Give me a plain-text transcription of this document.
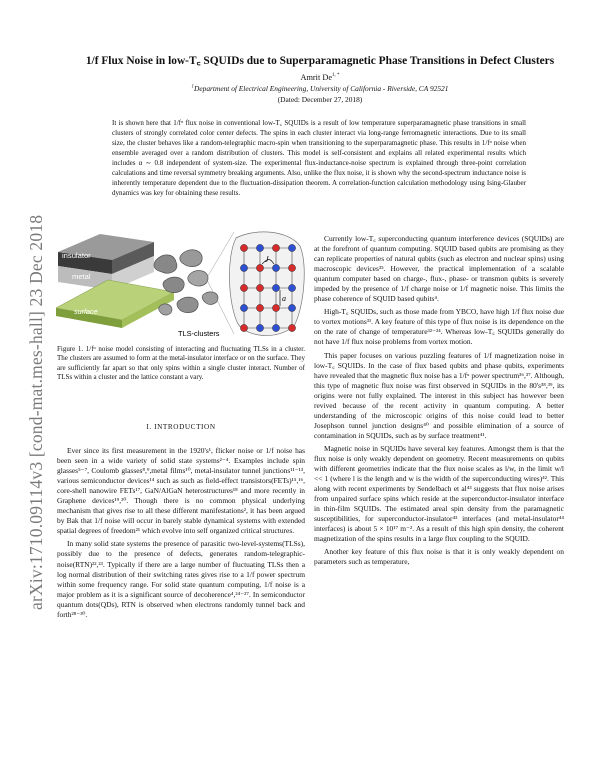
arXiv:1710.09114v3 [cond-mat.mes-hall] 23 Dec 2018
1/f Flux Noise in low-T꜀ SQUIDs due to Superparamagnetic Phase Transitions in Defect Clusters
Amrit $De^{1, *}$
$^1$Department of Electrical Engineering, University of California - Riverside, CA 92521
(Dated: December 27, 2018)
It is shown here that 1/fᵅ flux noise in conventional low-T꜀ SQUIDs is a result of low temperature superparamagnetic phase transitions in small clusters of strongly correlated color center defects. The spins in each cluster interact via long-range ferromagnetic interactions. Due to its small size, the cluster behaves like a random-telegraphic macro-spin when transitioning to the superparamagnetic phase. This results in 1/fᵅ noise when ensemble averaged over a random distribution of clusters. This model is self-consistent and explains all related experimental results which includes α ∼ 0.8 independent of system-size. The experimental flux-inductance-noise spectrum is explained through three-point correlation calculations and time reversal symmetry breaking arguments. Also, unlike the flux noise, it is shown why the second-spectrum inductance noise is inherently temperature dependent due to the fluctuation-dissipation theorem. A correlation-function calculation methodology using Ising-Glauber dynamics was key for obtaining these results.
insulator
metal
surface
TLS-clusters
J
a
Figure 1. 1/fᵅ noise model consisting of interacting and fluctuating TLSs in a cluster. The clusters are assumed to form at the metal-insulator interface or on the surface. They are sufficiently far apart so that only spins within a single cluster interact. Number of TLSs within a cluster and the lattice constant a vary.
I. INTRODUCTION

Ever since its first measurement in the 1920's¹, flicker noise or 1/f noise has been seen in a wide variety of solid state systems²⁻⁴. Examples include spin glasses⁵⁻⁷, Coulomb glasses⁸,⁹,metal films¹⁰, metal-insulator tunnel junctions¹¹⁻¹³, various semiconductor devices¹⁴ such as such as field-effect transistors(FETs)¹⁵,¹⁶, core-shell nanowire FETs¹⁷, GaN/AlGaN heterostructures¹⁸ and more recently in Graphene devices¹⁹,²⁰. Though there is no common physical underlying mechanism that gives rise to all these different manifestations², it has been argued by Bak that 1/f noise will occur in barely stable dynamical systems with extended spatial degrees of freedom²¹ which evolve into self organized critical structures.

In many solid state systems the presence of parasitic two-level-systems(TLSs), possibly due to the presence of defects, generates random-telegraphic-noise(RTN)²²,²³. Typically if there are a large number of fluctuating TLSs then a log normal distribution of their switching rates gives rise to a 1/f power spectrum within some frequency range. For solid state quantum computing, 1/f noise is a major problem as it is a significant source of decoherence⁴,²⁴⁻²⁷. In semiconductor quantum dots(QDs), RTN is observed when electrons randomly tunnel back and forth²⁸⁻³⁰.

Currently low-T꜀ superconducting quantum interference devices (SQUIDs) are at the forefront of quantum computing. SQUID based qubits are promising as they can replicate properties of natural qubits (such as electron and nuclear spins) using macroscopic devices³⁵. However, the practical implementation of a scalable quantum computer based on charge-, flux-, phase- or transmon qubits is severely impeded by the presence of 1/f charge noise or 1/f magnetic noise. This limits the phase coherence of SQUID based qubits⁴.

High-T꜀ SQUIDs, such as those made from YBCO, have high 1/f flux noise due to vortex motions³¹. A key feature of this type of flux noise is its dependence on the on the rate of change of temperature³²⁻³⁴. Whereas low-T꜀ SQUIDs generally do not have 1/f flux noise problems from vortex motion.

This paper focuses on various puzzling features of 1/f magnetization noise in low-T꜀ SQUIDs. In the case of flux based qubits and phase qubits, experiments have revealed that the magnetic flux noise has a 1/fᵅ power spectrum³⁶,³⁷. Although, this type of magnetic flux noise was first observed in SQUIDs in the 80's³⁸,³⁹, its origins were not fully explained. The interest in this subject has however been revived because of the recent activity in quantum computing. A better understanding of the microscopic origins of this noise could lead to better Josephson tunnel junction designs⁴⁰ and possible elimination of a source of contamination in SQUIDs, such as by surface treatment⁴¹.

Magnetic noise in SQUIDs have several key features. Amongst them is that the flux noise is only weakly dependent on geometry. Recent measurements on qubits with different geometries indicate that the flux noise scales as l/w, in the limit w/l << 1 (where l is the length and w is the width of the superconducting wires)⁴². This along with recent experiments by Sendelbach et al⁴³ suggests that flux noise arises from unpaired surface spins which reside at the superconductor-insulator interface in thin-film SQUIDs. The estimated areal spin density from the paramagnetic susceptibilities, for superconductor-insulator⁴³ interfaces (and metal-insulator⁴⁴ interfaces) is about 5 × 10¹⁷ m⁻². As a result of this high spin density, the coherent magnetization of the spins results in a large flux coupling to the SQUID.

Another key feature of this flux noise is that it is only weakly dependent on parameters such as temperature,
